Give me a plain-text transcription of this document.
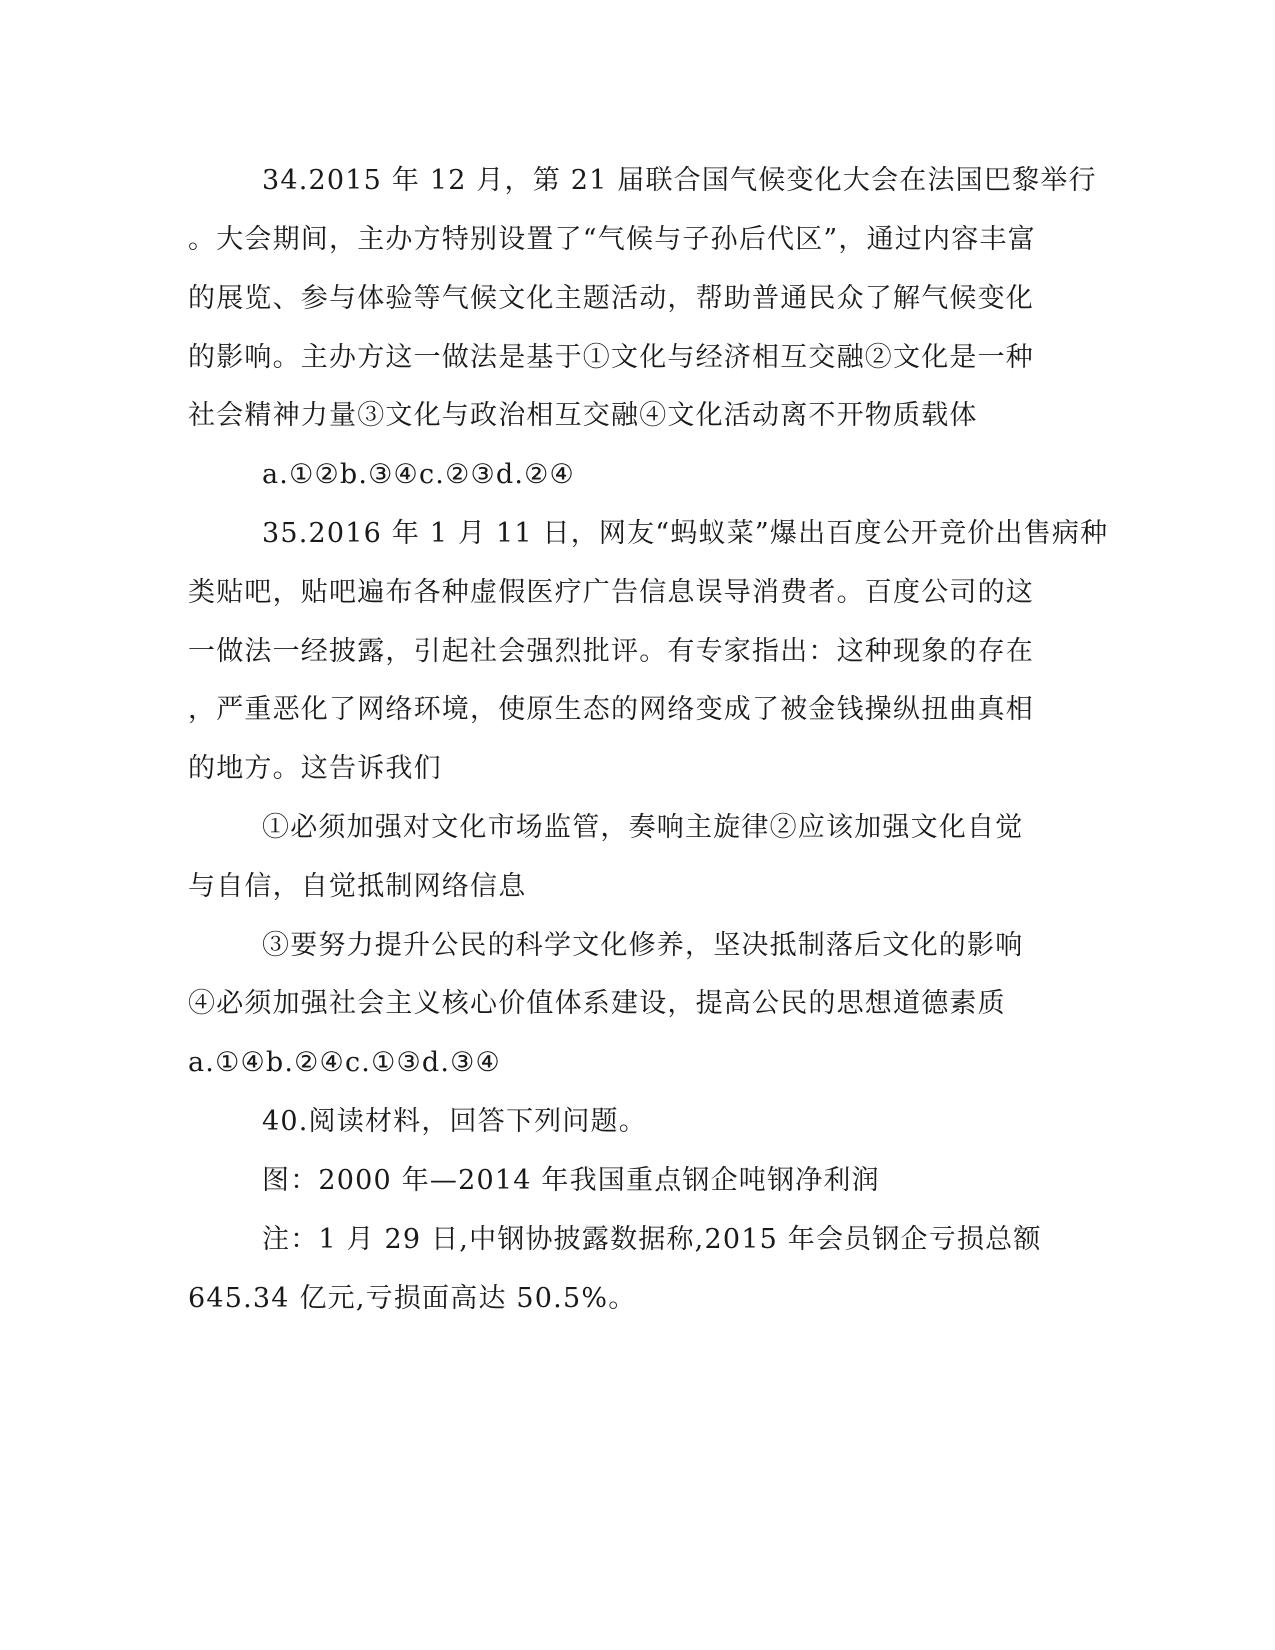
34.2015 年 12 月，第 21 届联合国气候变化大会在法国巴黎举行
。大会期间，主办方特别设置了“气候与子孙后代区”，通过内容丰富
的展览、参与体验等气候文化主题活动，帮助普通民众了解气候变化
的影响。主办方这一做法是基于①文化与经济相互交融②文化是一种
社会精神力量③文化与政治相互交融④文化活动离不开物质载体
a.①②b.③④c.②③d.②④
35.2016 年 1 月 11 日，网友“蚂蚁菜”爆出百度公开竞价出售病种
类贴吧，贴吧遍布各种虚假医疗广告信息误导消费者。百度公司的这
一做法一经披露，引起社会强烈批评。有专家指出：这种现象的存在
，严重恶化了网络环境，使原生态的网络变成了被金钱操纵扭曲真相
的地方。这告诉我们
①必须加强对文化市场监管，奏响主旋律②应该加强文化自觉
与自信，自觉抵制网络信息
③要努力提升公民的科学文化修养，坚决抵制落后文化的影响
④必须加强社会主义核心价值体系建设，提高公民的思想道德素质
a.①④b.②④c.①③d.③④
40.阅读材料，回答下列问题。
图：2000 年—2014 年我国重点钢企吨钢净利润
注：1 月 29 日,中钢协披露数据称,2015 年会员钢企亏损总额
645.34 亿元,亏损面高达 50.5%。
